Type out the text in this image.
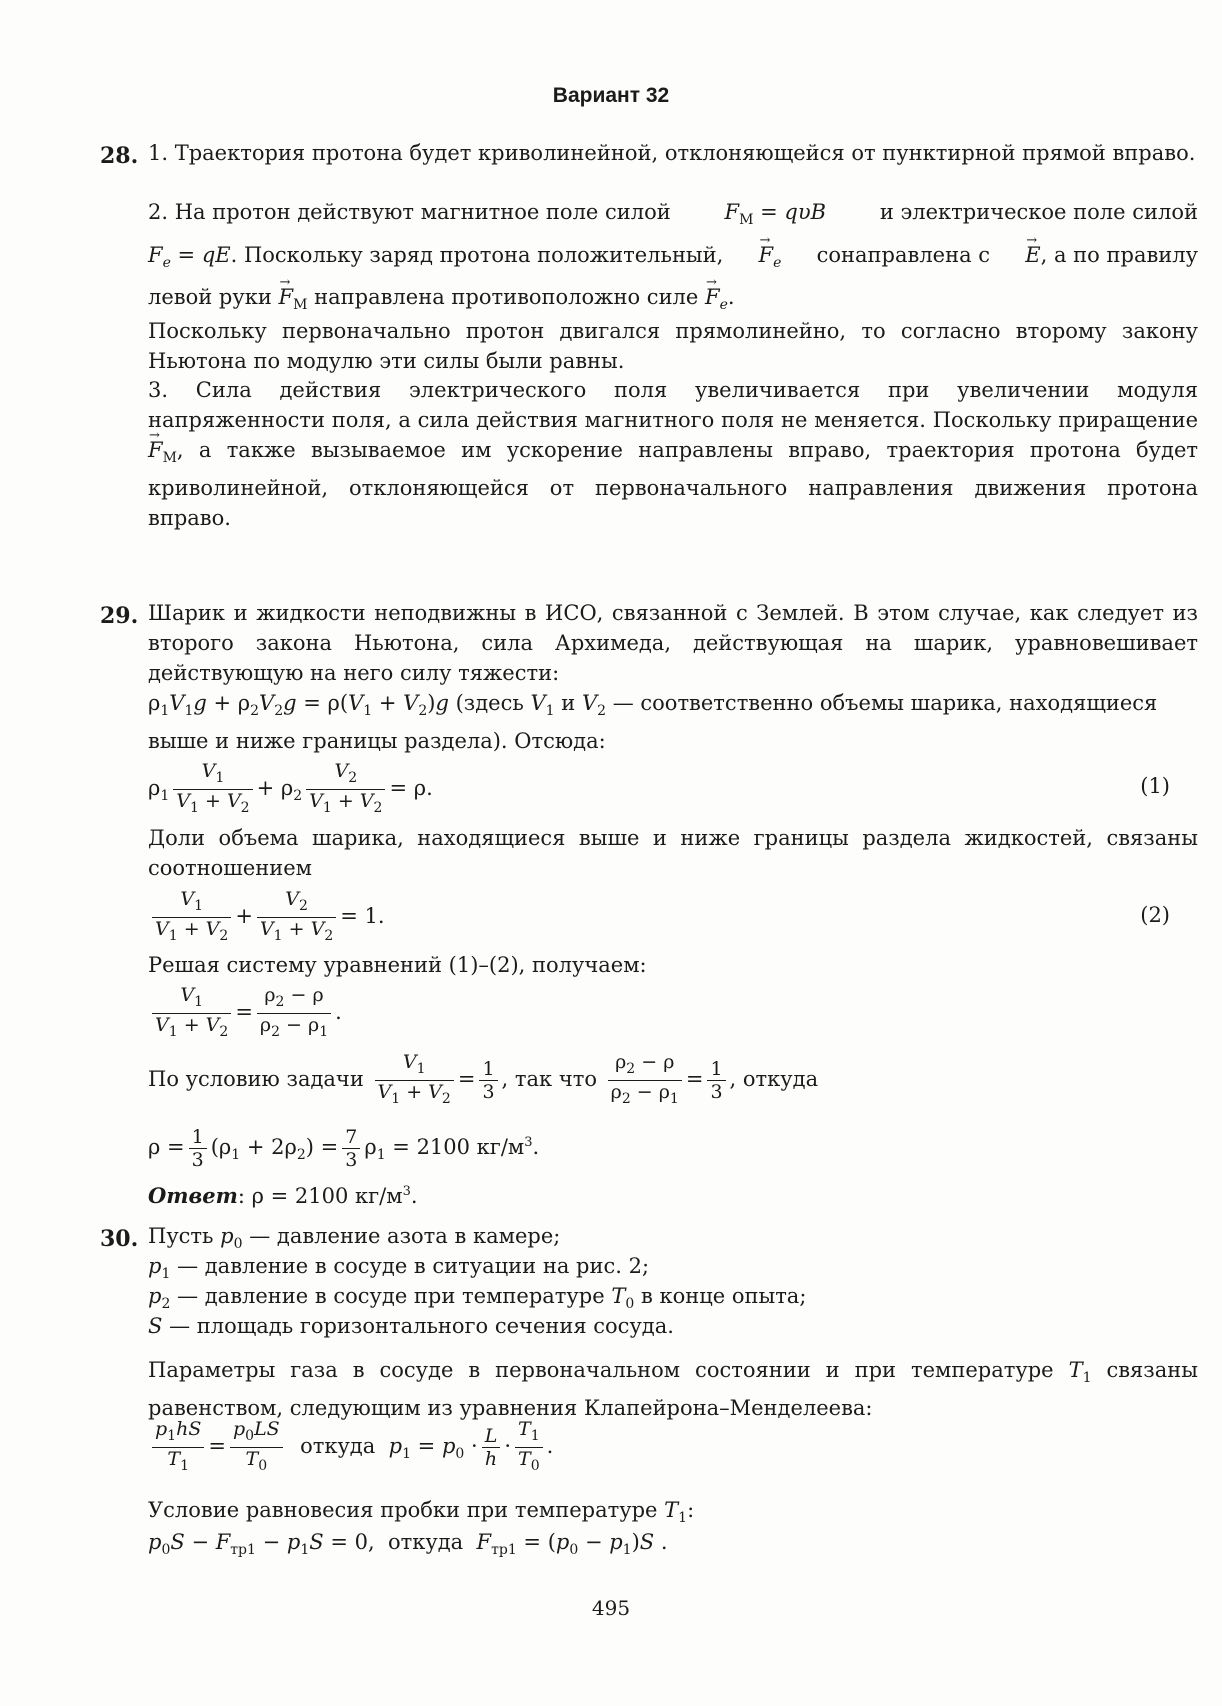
Вариант 32
28. 1. Траектория протона будет криволинейной, отклоняющейся от пунктирной прямой вправо.
2. На протон действуют магнитное поле силой	$F_M = q\upsilon B$	и электрическое поле силой
$F_e$ = qE. Поскольку заряд протона положительный, → $F_e$ сонаправлена с → E, а по правилу
левой руки → $F_M$ направлена противоположно силе → $F_e$.
Поскольку первоначально протон двигался прямолинейно, то согласно второму закону Ньютона по модулю эти силы были равны.
3. Сила действия электрического поля увеличивается при увеличении модуля напряженности поля, а сила действия магнитного поля не меняется. Поскольку приращение → $F_M$, а также вызываемое им ускорение направлены вправо, траектория протона будет криволинейной, отклоняющейся от первоначального направления движения протона вправо.
29. Шарик и жидкости неподвижны в ИСО, связанной с Землей. В этом случае, как следует из второго закона Ньютона, сила Архимеда, действующая на шарик, уравновешивает действующую на него силу тяжести:
$\rho_1V_1g + \rho_2V_2g = \rho(V_1 + V_2)g$ (здесь $V_1$ и $V_2$ — соответственно объемы шарика, находящиеся выше и ниже границы раздела). Отсюда:
$\rho_1 \frac{V_1}{V_1 + V_2} + \rho_2 \frac{V_2}{V_1 + V_2} = \rho$.	(1)
Доли объема шарика, находящиеся выше и ниже границы раздела жидкостей, связаны соотношением
$\frac{V_1}{V_1 + V_2} + \frac{V_2}{V_1 + V_2} = 1$.	(2)
Решая систему уравнений (1)–(2), получаем:
$\frac{V_1}{V_1 + V_2} = \frac{\rho_2 - \rho}{\rho_2 - \rho_1}$ .
По условию задачи $\frac{V_1}{V_1 + V_2} = \frac{1}{3}$ , так что $\frac{\rho_2 - \rho}{\rho_2 - \rho_1} = \frac{1}{3}$ , откуда
$\rho = \frac{1}{3} (\rho_1 + 2\rho_2) = \frac{7}{3} \rho_1 = 2100$ $кг/м^3$.
Ответ: ρ = 2100 $кг/м^3$.
30. Пусть $p_0$ — давление азота в камере;
$p_1$ — давление в сосуде в ситуации на рис. 2;
$p_2$ — давление в сосуде при температуре $T_0$ в конце опыта;
S — площадь горизонтального сечения сосуда.
Параметры газа в сосуде в первоначальном состоянии и при температуре $T_1$ связаны равенством, следующим из уравнения Клапейрона–Менделеева:
$\frac{p_1hS}{T_1} = \frac{p_0LS}{T_0}$ откуда $p_1 = p_0 \cdot \frac{L}{h} \cdot \frac{T_1}{T_0}$ .
Условие равновесия пробки при температуре $T_1$:
$p_0S - F_{тр1} - p_1S = 0$,  откуда $F_{тр1} = (p_0 - p_1)S$ .
495
